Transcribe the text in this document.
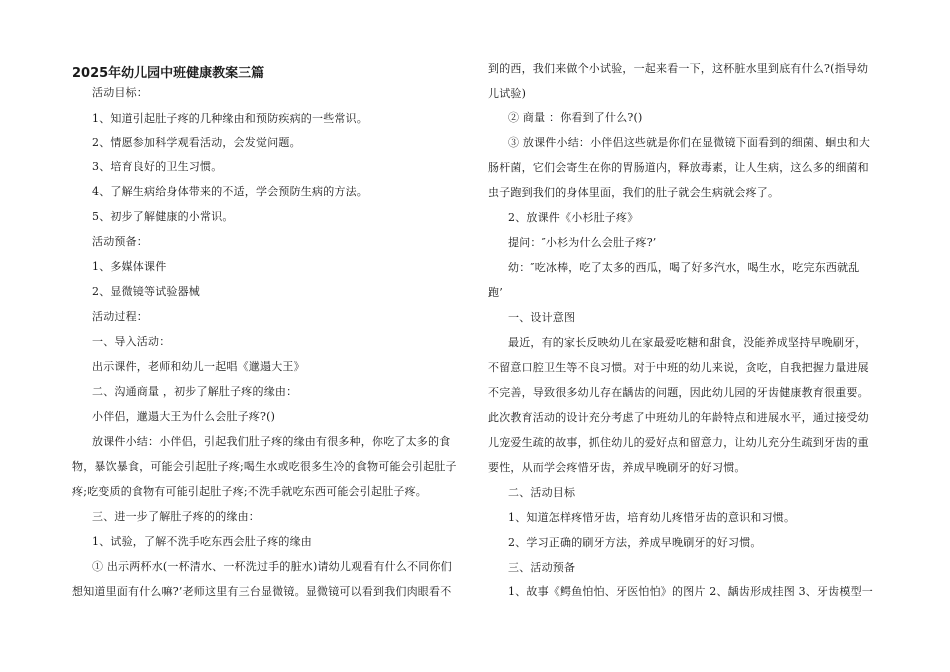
2025年幼儿园中班健康教案三篇
活动目标：
1、知道引起肚子疼的几种缘由和预防疾病的一些常识。
2、情愿参加科学观看活动，会发觉问题。
3、培育良好的卫生习惯。
4、了解生病给身体带来的不适，学会预防生病的方法。
5、初步了解健康的小常识。
活动预备：
1、多媒体课件
2、显微镜等试验器械
活动过程：
一、导入活动：
出示课件，老师和幼儿一起唱《邋遢大王》
二、沟通商量 ，初步了解肚子疼的缘由：
小伴侣，邋遢大王为什么会肚子疼?()
放课件小结：小伴侣，引起我们肚子疼的缘由有很多种，你吃了太多的食
物，暴饮暴食，可能会引起肚子疼;喝生水或吃很多生冷的食物可能会引起肚子
疼;吃变质的食物有可能引起肚子疼;不洗手就吃东西可能会引起肚子疼。
三、进一步了解肚子疼的的缘由：
1、试验，了解不洗手吃东西会肚子疼的缘由
① 出示两杯水(一杯清水、一杯洗过手的脏水)请幼儿观看有什么不同你们
想知道里面有什么嘛?’老师这里有三台显微镜。显微镜可以看到我们肉眼看不
到的西，我们来做个小试验，一起来看一下，这杯脏水里到底有什么?(指导幼
儿试验)
② 商量 ：你看到了什么?()
③ 放课件小结：小伴侣这些就是你们在显微镜下面看到的细菌、蛔虫和大
肠杆菌，它们会寄生在你的胃肠道内，释放毒素，让人生病，这么多的细菌和
虫子跑到我们的身体里面，我们的肚子就会生病就会疼了。
2、放课件《小杉肚子疼》
提问：″小杉为什么会肚子疼?’
幼：″吃冰棒，吃了太多的西瓜，喝了好多汽水，喝生水，吃完东西就乱
跑’
一、设计意图
最近，有的家长反映幼儿在家最爱吃糖和甜食，没能养成坚持早晚刷牙，
不留意口腔卫生等不良习惯。对于中班的幼儿来说，贪吃，自我把握力量进展
不完善，导致很多幼儿存在龋齿的问题，因此幼儿园的牙齿健康教育很重要。
此次教育活动的设计充分考虑了中班幼儿的年龄特点和进展水平，通过接受幼
儿宠爱生疏的故事，抓住幼儿的爱好点和留意力，让幼儿充分生疏到牙齿的重
要性，从而学会疼惜牙齿，养成早晚刷牙的好习惯。
二、活动目标
1、知道怎样疼惜牙齿，培育幼儿疼惜牙齿的意识和习惯。
2、学习正确的刷牙方法，养成早晚刷牙的好习惯。
三、活动预备
1、故事《鳄鱼怕怕、牙医怕怕》的图片 2、龋齿形成挂图 3、牙齿模型一
